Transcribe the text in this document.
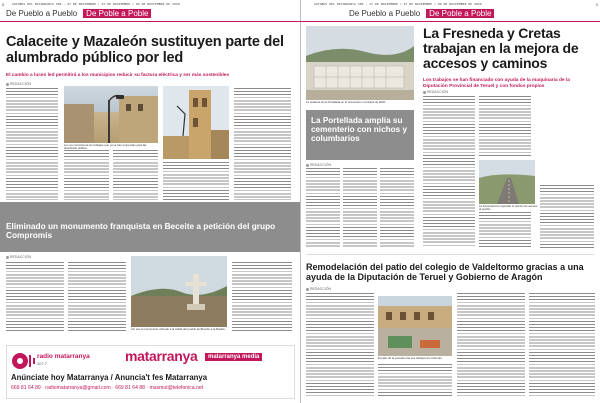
8	AUTOBÚS DEL MATARRANYA 586 · 27 DE NOVIEMBRE / 07 DE NOVIEMBRE / 09 DE NOVIEMBRE DE 2020
De Pueblo a Pueblo De Poble a Poble
Calaceite y Mazaleón sustituyen parte del alumbrado público por led
El cambio a luces led permitirá a los municipios reducir su factura eléctrica y ser más sostenibles
REDACCIÓN
Luz con la farola de los trabajos que ya se han empezado para las alumbrado público.
Eliminado un monumento franquista en Beceite a petición del grupo Compromís
REDACCIÓN
Así era el monumento ubicado a la salida del pueblo de Beceite a la Maduá.
radio matarranya
107.7	matarranya	matarranya media
Anúnciate hoy Matarranya / Anuncia't fes Matarranya
669 81 64 89 · radiomatarranya@gmail.com · 669 81 64 88 · masmut@telefonica.net
AUTOBÚS DEL MATARRANYA 586 · 27 DE NOVIEMBRE / 07 DE NOVIEMBRE / 09 DE NOVIEMBRE DE 2020	9
De Pueblo a Pueblo De Poble a Poble
La pedanía de la Portellada en el cementerio municipal de 2020.
La Portellada amplía su cementerio con nichos y columbarios
REDACCIÓN
La Fresneda y Cretas trabajan en la mejora de accesos y caminos
Los trabajos se han financiado con ayuda de la maquinaria de la Diputación Provincial de Teruel y con fondos propios
REDACCIÓN
La Fresneda ha mejorado el camino de acceso al pueblo.
Remodelación del patio del colegio de Valdeltormo gracias a una ayuda de la Diputación de Teruel y Gobierno de Aragón
REDACCIÓN
El patio de la escuela tras sus trabajos de reformas.
